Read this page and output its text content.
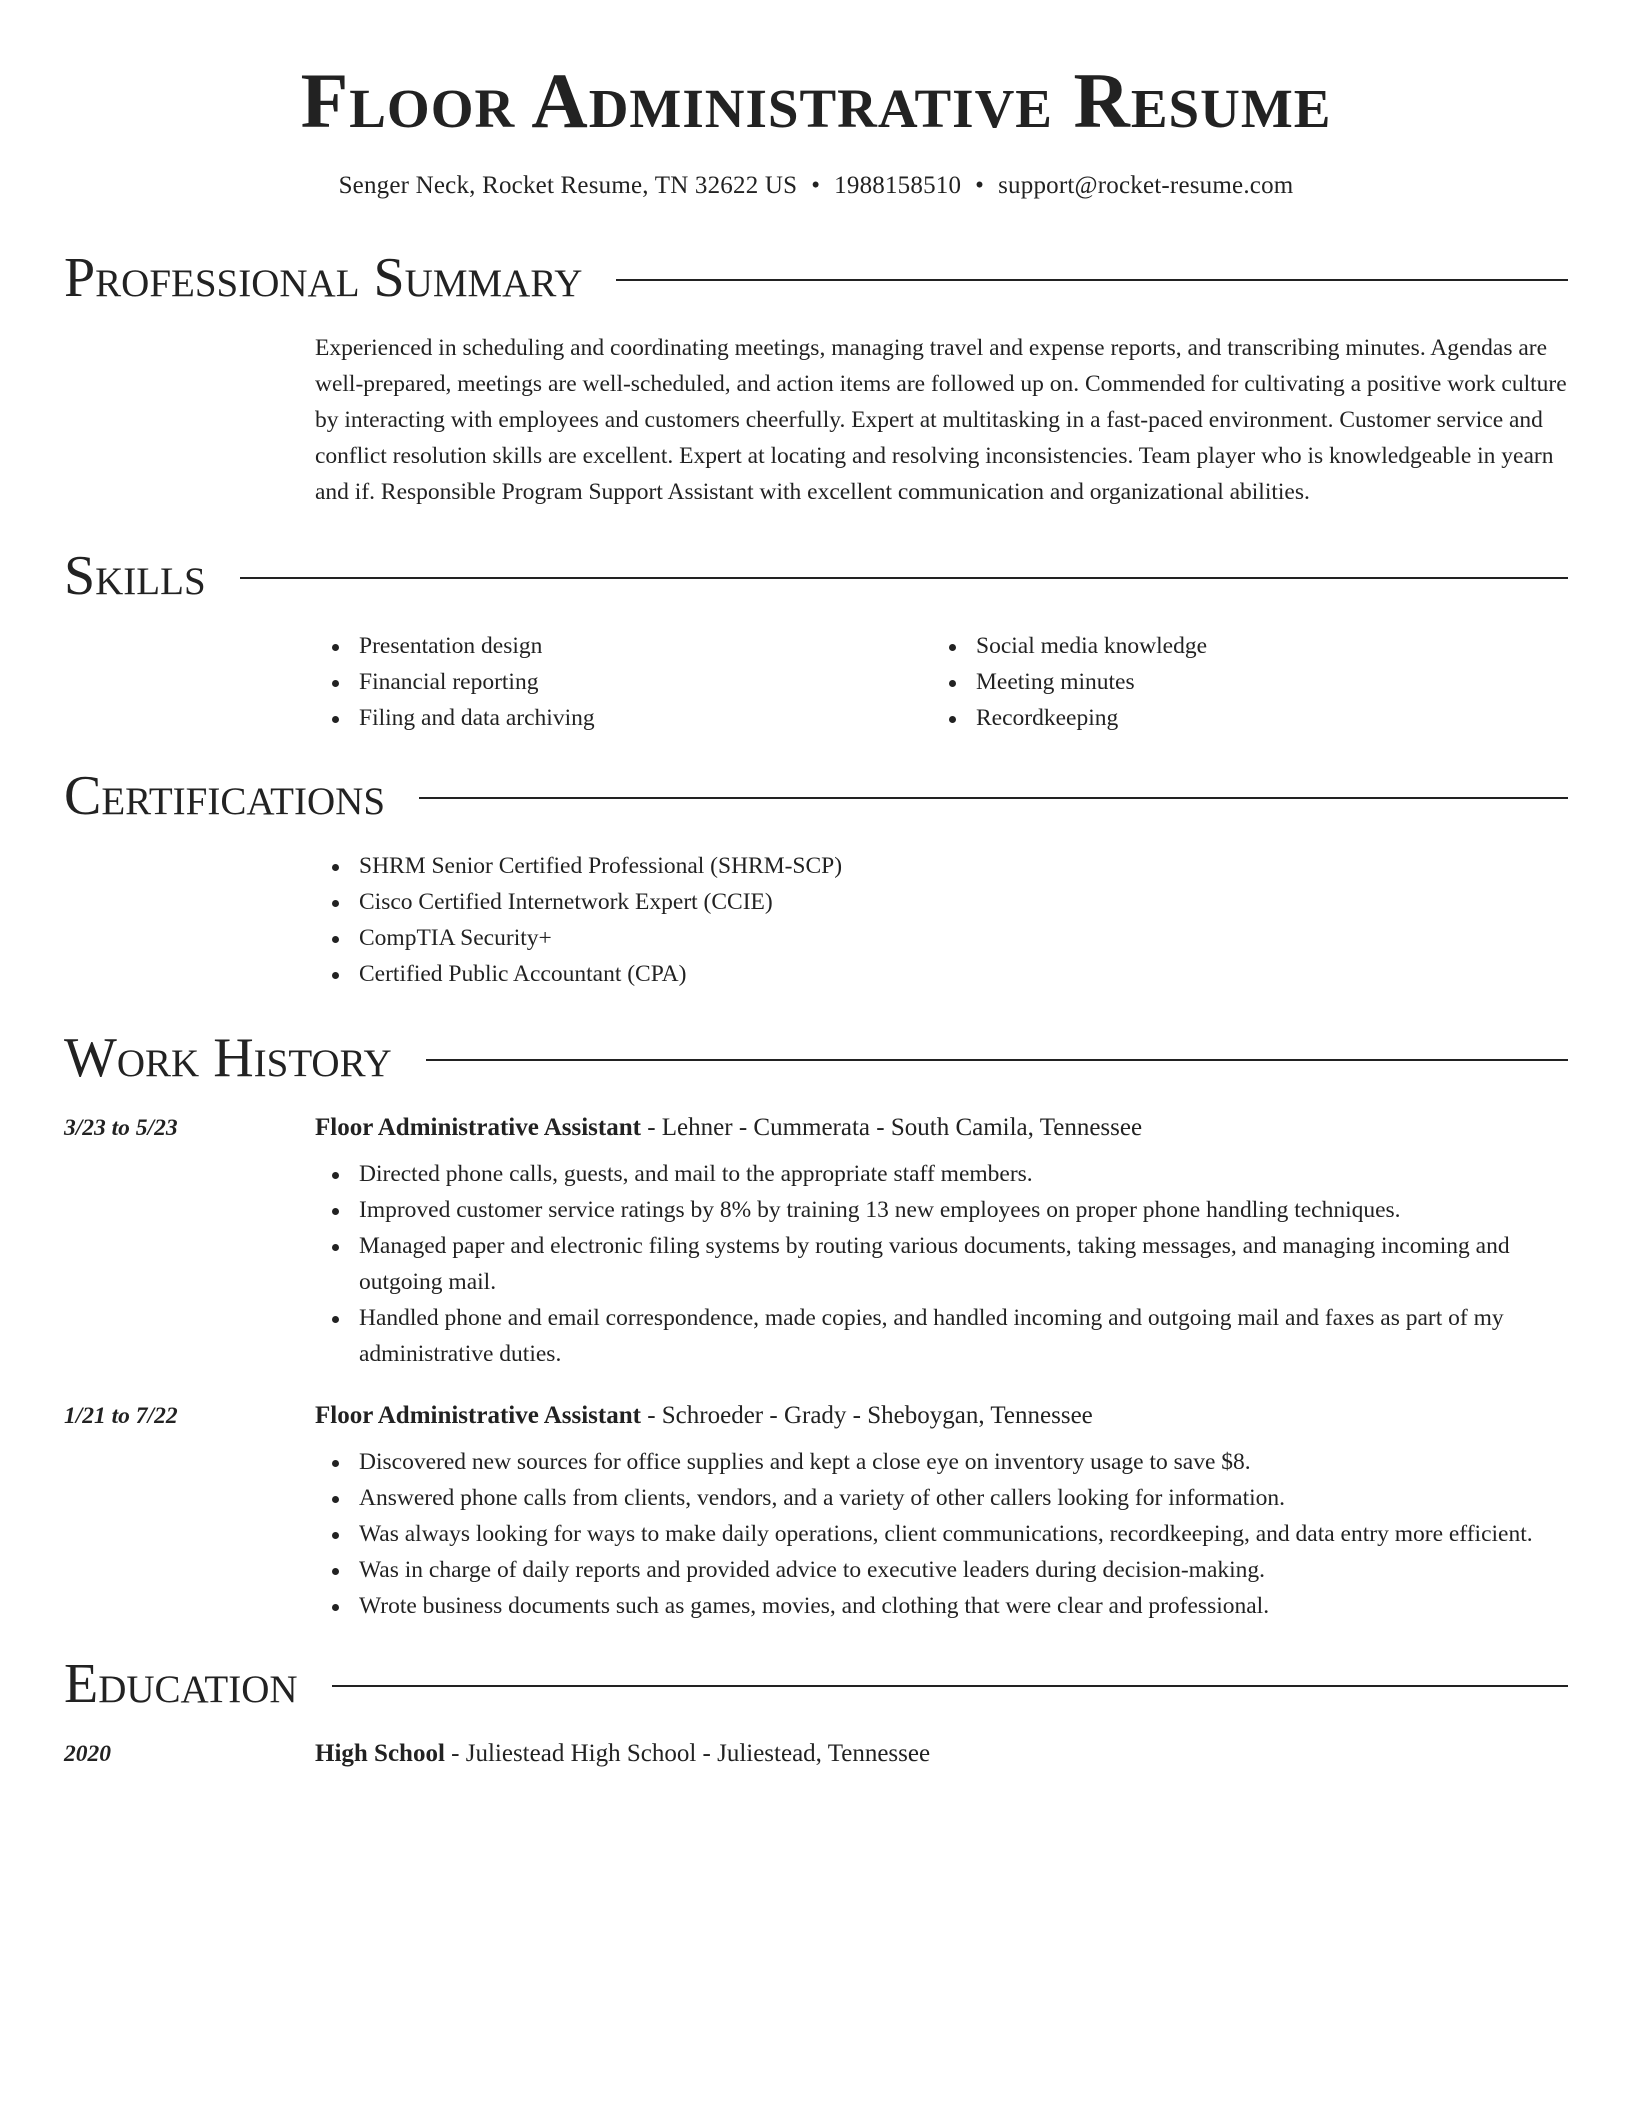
Floor Administrative Resume
Senger Neck, Rocket Resume, TN 32622 US • 1988158510 • support@rocket-resume.com
Professional Summary

Experienced in scheduling and coordinating meetings, managing travel and expense reports, and transcribing minutes. Agendas are well-prepared, meetings are well-scheduled, and action items are followed up on. Commended for cultivating a positive work culture by interacting with employees and customers cheerfully. Expert at multitasking in a fast-paced environment. Customer service and conflict resolution skills are excellent. Expert at locating and resolving inconsistencies. Team player who is knowledgeable in yearn and if. Responsible Program Support Assistant with excellent communication and organizational abilities.

Skills
Presentation design
Financial reporting
Filing and data archiving
Social media knowledge
Meeting minutes
Recordkeeping
Certifications
SHRM Senior Certified Professional (SHRM-SCP)
Cisco Certified Internetwork Expert (CCIE)
CompTIA Security+
Certified Public Accountant (CPA)
Work History
3/23 to 5/23	Floor Administrative Assistant - Lehner - Cummerata - South Camila, Tennessee
Directed phone calls, guests, and mail to the appropriate staff members.
Improved customer service ratings by 8% by training 13 new employees on proper phone handling techniques.
Managed paper and electronic filing systems by routing various documents, taking messages, and managing incoming and outgoing mail.
Handled phone and email correspondence, made copies, and handled incoming and outgoing mail and faxes as part of my administrative duties.
1/21 to 7/22	Floor Administrative Assistant - Schroeder - Grady - Sheboygan, Tennessee
Discovered new sources for office supplies and kept a close eye on inventory usage to save $8.
Answered phone calls from clients, vendors, and a variety of other callers looking for information.
Was always looking for ways to make daily operations, client communications, recordkeeping, and data entry more efficient.
Was in charge of daily reports and provided advice to executive leaders during decision-making.
Wrote business documents such as games, movies, and clothing that were clear and professional.
Education
2020	High School - Juliestead High School - Juliestead, Tennessee
